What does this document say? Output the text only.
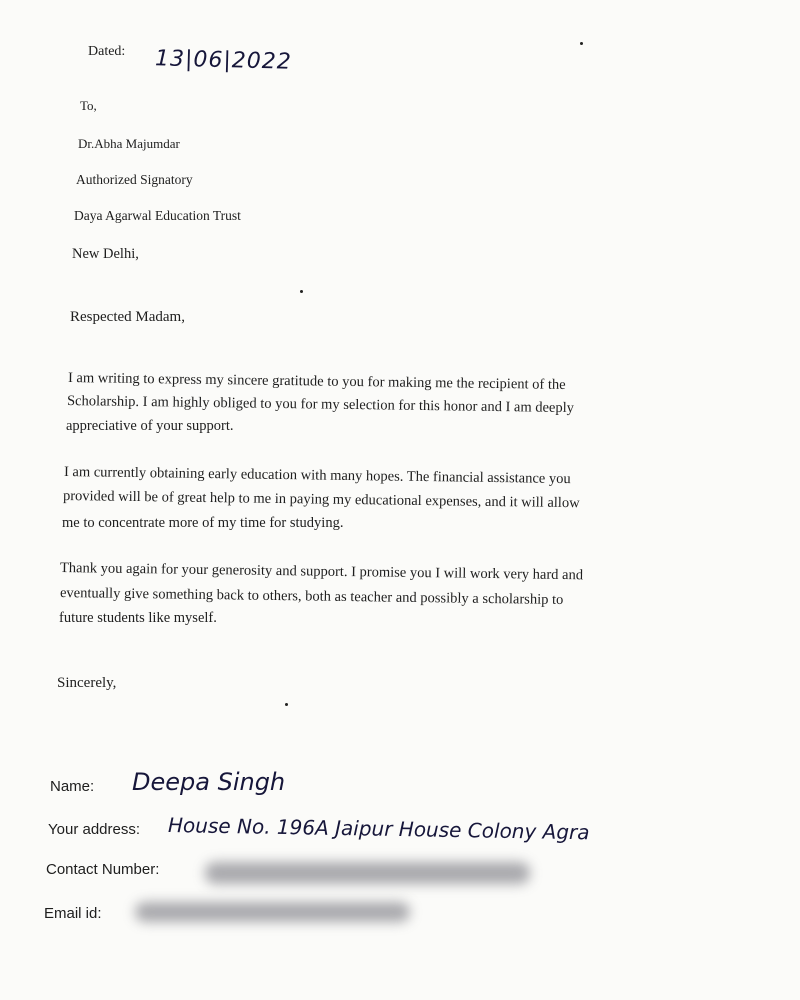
Dated: 13|06|2022
To,
Dr.Abha Majumdar
Authorized Signatory
Daya Agarwal Education Trust
New Delhi,
Respected Madam,
I am writing to express my sincere gratitude to you for making me the recipient of the
Scholarship. I am highly obliged to you for my selection for this honor and I am deeply
appreciative of your support.
I am currently obtaining early education with many hopes. The financial assistance you
provided will be of great help to me in paying my educational expenses, and it will allow
me to concentrate more of my time for studying.
Thank you again for your generosity and support. I promise you I will work very hard and
eventually give something back to others, both as teacher and possibly a scholarship to
future students like myself.
Sincerely,
Name: Deepa Singh
Your address: House No. 196A Jaipur House Colony Agra
Contact Number:
Email id:
